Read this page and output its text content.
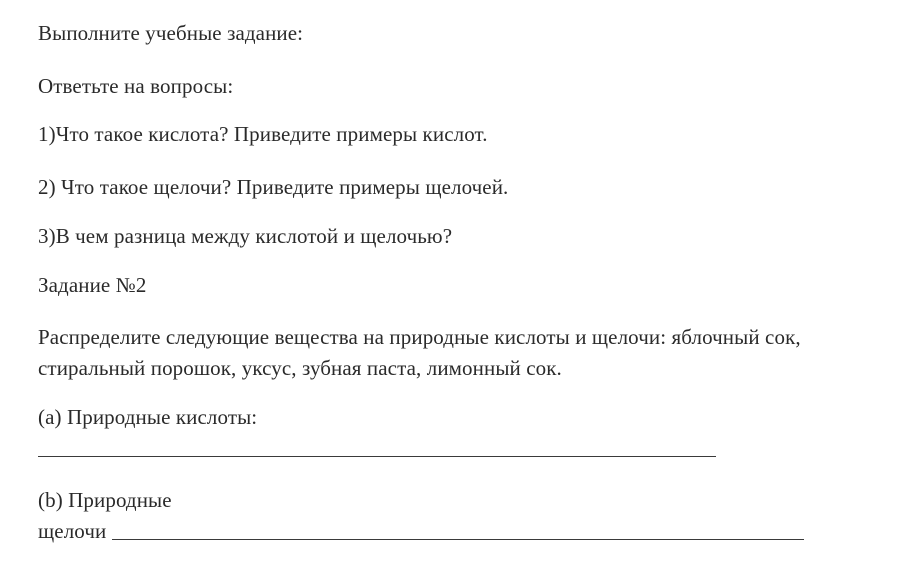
Выполните учебные задание:
Ответьте на вопросы:
1)Что такое кислота? Приведите примеры кислот.
2) Что такое щелочи? Приведите примеры щелочей.
3)В чем разница между кислотой и щелочью?
Задание №2
Распределите следующие вещества на природные кислоты и щелочи: яблочный сок,
стиральный порошок, уксус, зубная паста, лимонный сок.
(a) Природные кислоты:
(b) Природные
щелочи
